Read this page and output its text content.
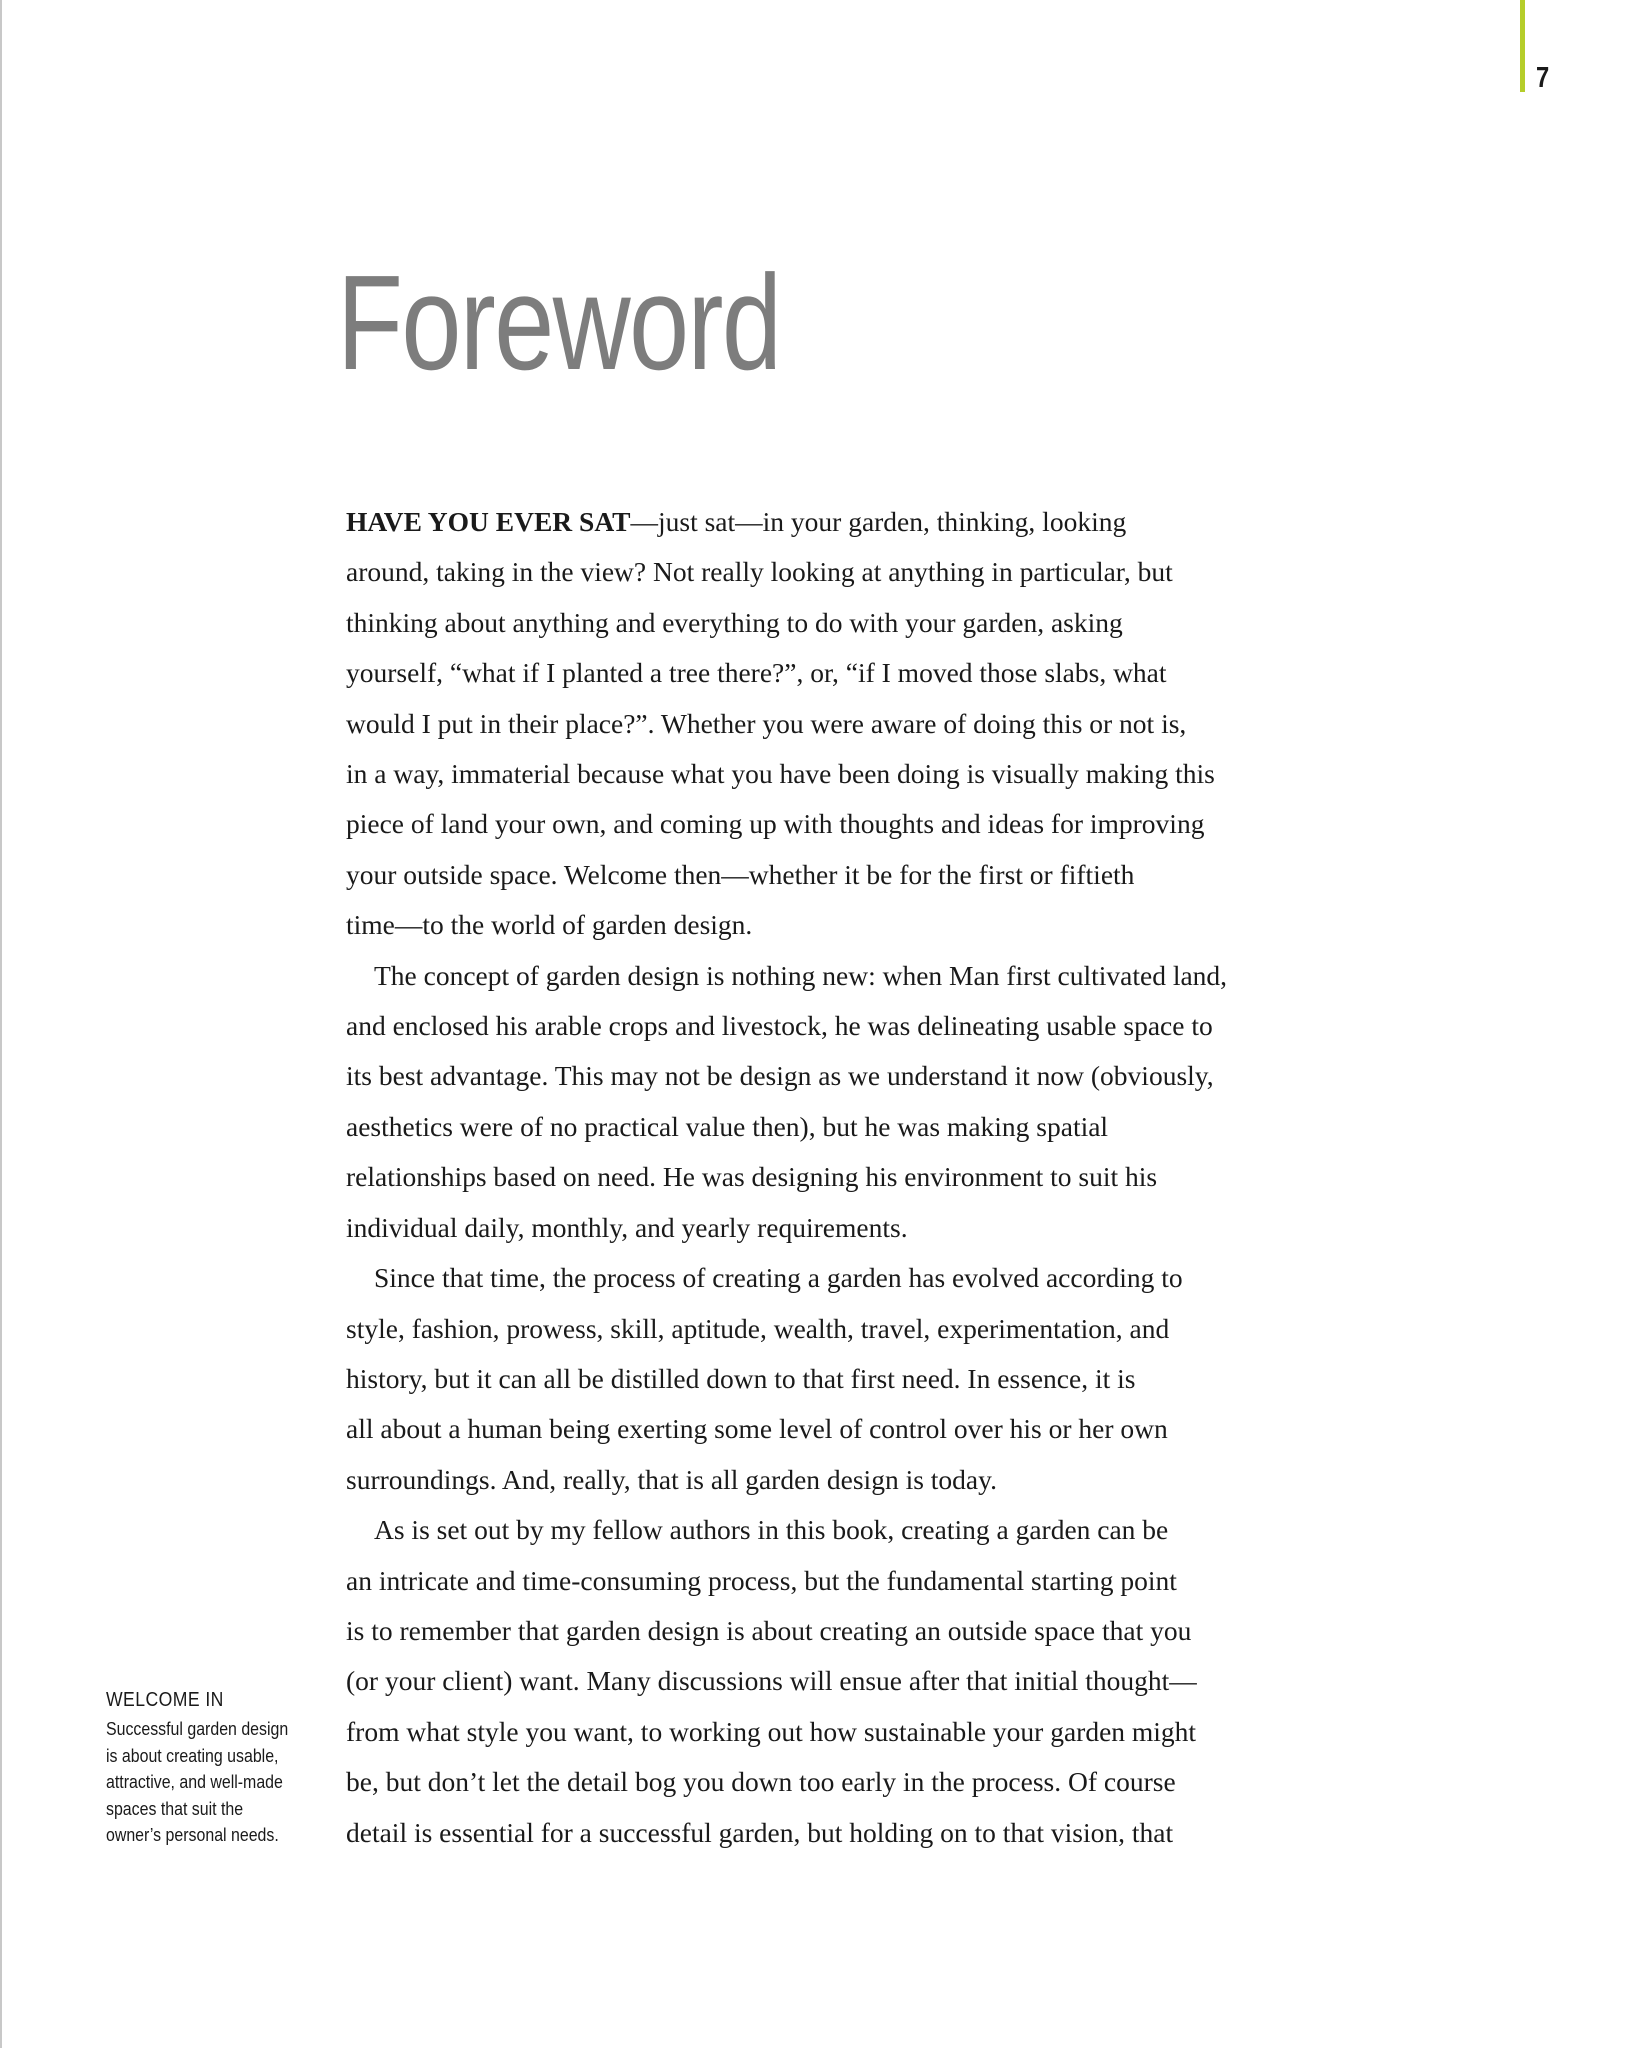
7
Foreword
HAVE YOU EVER SAT—just sat—in your garden, thinking, looking
around, taking in the view? Not really looking at anything in particular, but
thinking about anything and everything to do with your garden, asking
yourself, “what if I planted a tree there?”, or, “if I moved those slabs, what
would I put in their place?”. Whether you were aware of doing this or not is,
in a way, immaterial because what you have been doing is visually making this
piece of land your own, and coming up with thoughts and ideas for improving
your outside space. Welcome then—whether it be for the first or fiftieth
time—to the world of garden design.
The concept of garden design is nothing new: when Man first cultivated land,
and enclosed his arable crops and livestock, he was delineating usable space to
its best advantage. This may not be design as we understand it now (obviously,
aesthetics were of no practical value then), but he was making spatial
relationships based on need. He was designing his environment to suit his
individual daily, monthly, and yearly requirements.
Since that time, the process of creating a garden has evolved according to
style, fashion, prowess, skill, aptitude, wealth, travel, experimentation, and
history, but it can all be distilled down to that first need. In essence, it is
all about a human being exerting some level of control over his or her own
surroundings. And, really, that is all garden design is today.
As is set out by my fellow authors in this book, creating a garden can be
an intricate and time-consuming process, but the fundamental starting point
is to remember that garden design is about creating an outside space that you
(or your client) want. Many discussions will ensue after that initial thought—
from what style you want, to working out how sustainable your garden might
be, but don’t let the detail bog you down too early in the process. Of course
detail is essential for a successful garden, but holding on to that vision, that
WELCOME IN
Successful garden design
is about creating usable,
attractive, and well-made
spaces that suit the
owner’s personal needs.
